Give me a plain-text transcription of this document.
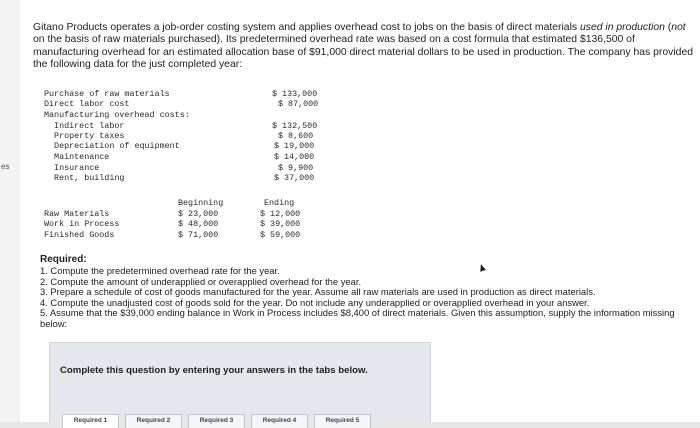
es
Gitano Products operates a job-order costing system and applies overhead cost to jobs on the basis of direct materials used in production (not on the basis of raw materials purchased). Its predetermined overhead rate was based on a cost formula that estimated $136,500 of manufacturing overhead for an estimated allocation base of $91,000 direct material dollars to be used in production. The company has provided the following data for the just completed year:
Purchase of raw materials	$ 133,000
Direct labor cost	$ 87,000
Manufacturing overhead costs:
Indirect labor	$ 132,500
Property taxes	$ 8,600
Depreciation of equipment	$ 19,000
Maintenance	$ 14,000
Insurance	$ 9,900
Rent, building	$ 37,000
Beginning	Ending
Raw Materials	$ 23,000	$ 12,000
Work in Process	$ 48,000	$ 39,000
Finished Goods	$ 71,000	$ 59,000
Required:
1. Compute the predetermined overhead rate for the year.
2. Compute the amount of underapplied or overapplied overhead for the year.
3. Prepare a schedule of cost of goods manufactured for the year. Assume all raw materials are used in production as direct materials.
4. Compute the unadjusted cost of goods sold for the year. Do not include any underapplied or overapplied overhead in your answer.
5. Assume that the $39,000 ending balance in Work in Process includes $8,400 of direct materials. Given this assumption, supply the information missing below:
Complete this question by entering your answers in the tabs below.
Required 1	Required 2	Required 3	Required 4	Required 5
